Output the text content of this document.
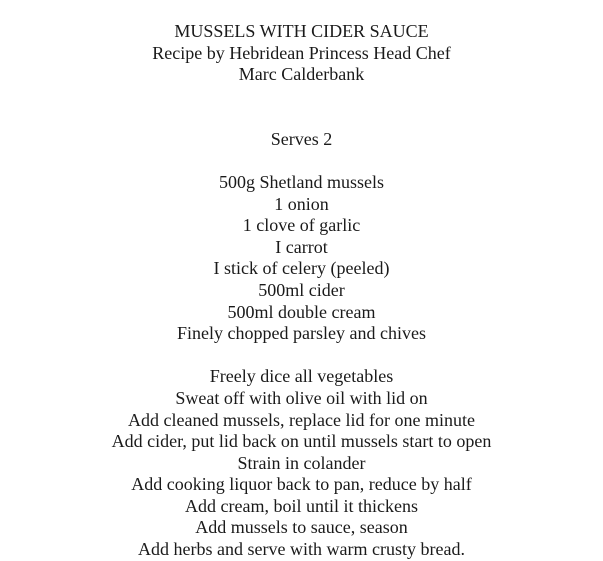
MUSSELS WITH CIDER SAUCE

Recipe by Hebridean Princess Head Chef

Marc Calderbank

Serves 2

500g Shetland mussels

1 onion

1 clove of garlic

I carrot

I stick of celery (peeled)

500ml cider

500ml double cream

Finely chopped parsley and chives

Freely dice all vegetables

Sweat off with olive oil with lid on

Add cleaned mussels, replace lid for one minute

Add cider, put lid back on until mussels start to open

Strain in colander

Add cooking liquor back to pan, reduce by half

Add cream, boil until it thickens

Add mussels to sauce, season

Add herbs and serve with warm crusty bread.
